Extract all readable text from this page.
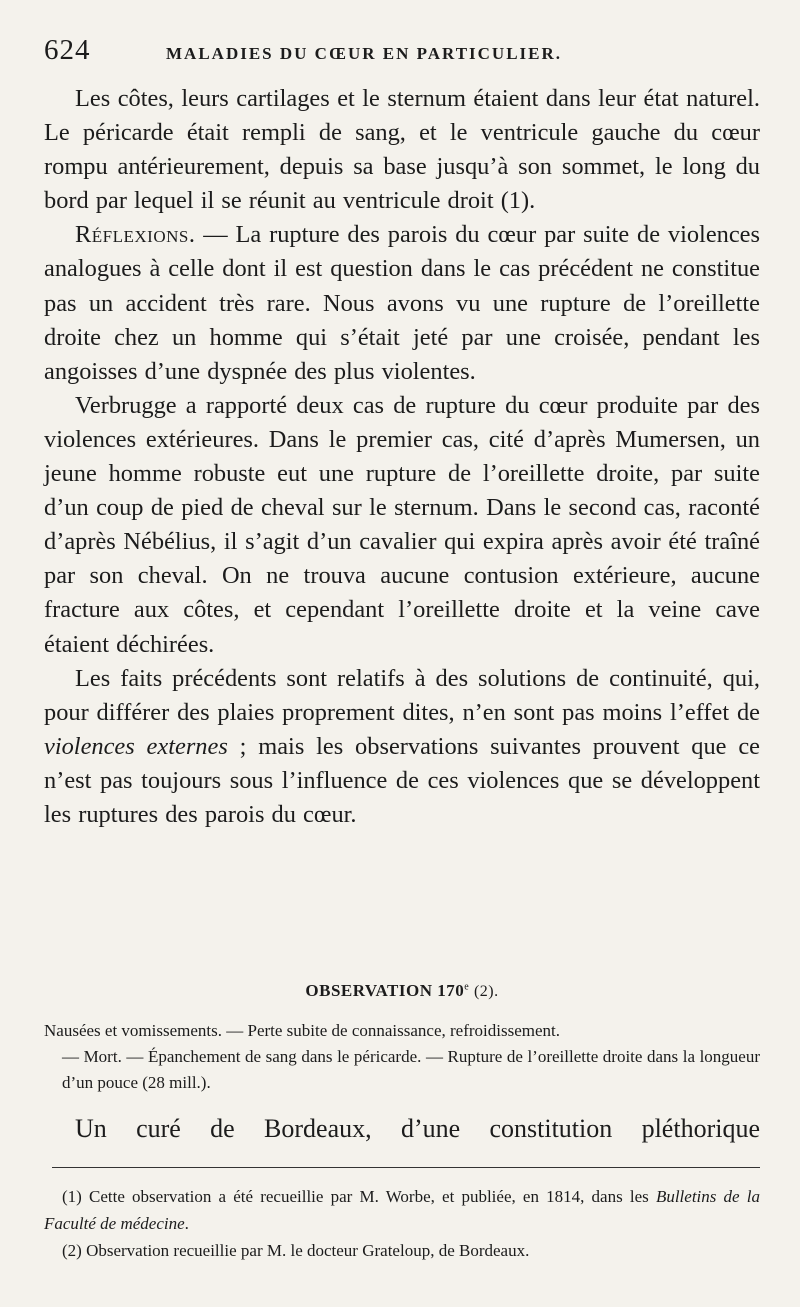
624	MALADIES DU CŒUR EN PARTICULIER.

Les côtes, leurs cartilages et le sternum étaient dans leur état naturel. Le péricarde était rempli de sang, et le ventricule gauche du cœur rompu antérieurement, depuis sa base jusqu’à son sommet, le long du bord par lequel il se réunit au ventricule droit (1).

Réflexions. — La rupture des parois du cœur par suite de violences analogues à celle dont il est question dans le cas précédent ne constitue pas un accident très rare. Nous avons vu une rupture de l’oreillette droite chez un homme qui s’était jeté par une croisée, pendant les angoisses d’une dyspnée des plus violentes.

Verbrugge a rapporté deux cas de rupture du cœur produite par des violences extérieures. Dans le premier cas, cité d’après Mumersen, un jeune homme robuste eut une rupture de l’oreillette droite, par suite d’un coup de pied de cheval sur le sternum. Dans le second cas, raconté d’après Nébélius, il s’agit d’un cavalier qui expira après avoir été traîné par son cheval. On ne trouva aucune contusion extérieure, aucune fracture aux côtes, et cependant l’oreillette droite et la veine cave étaient déchirées.

Les faits précédents sont relatifs à des solutions de continuité, qui, pour différer des plaies proprement dites, n’en sont pas moins l’effet de violences externes ; mais les observations suivantes prouvent que ce n’est pas toujours sous l’influence de ces violences que se développent les ruptures des parois du cœur.

OBSERVATION 170e (2).
Nausées et vomissements. — Perte subite de connaissance, refroidissement.
— Mort. — Épanchement de sang dans le péricarde. — Rupture de l’oreillette droite dans la longueur d’un pouce (28 mill.).
Un curé de Bordeaux, d’une constitution pléthorique
(1) Cette observation a été recueillie par M. Worbe, et publiée, en 1814, dans les Bulletins de la Faculté de médecine.
(2) Observation recueillie par M. le docteur Grateloup, de Bordeaux.
